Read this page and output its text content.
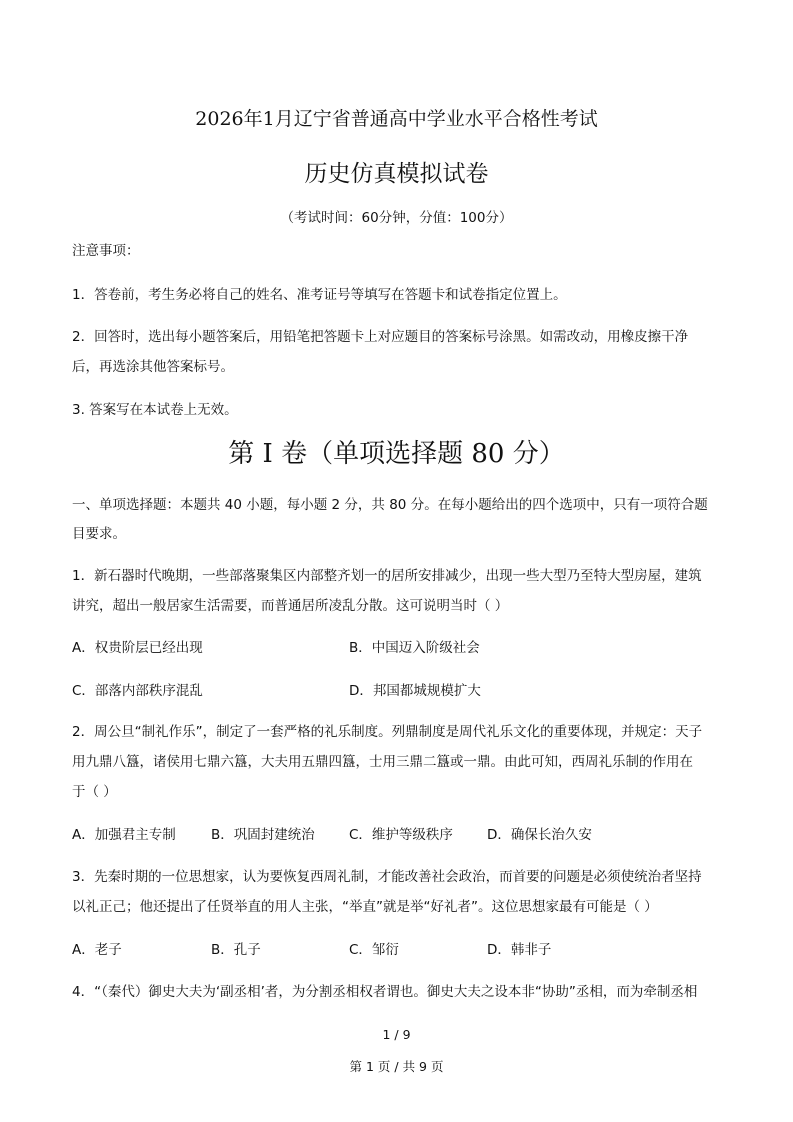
2026年1月辽宁省普通高中学业水平合格性考试
历史仿真模拟试卷
（考试时间：60分钟，分值：100分）
注意事项：
1．答卷前，考生务必将自己的姓名、准考证号等填写在答题卡和试卷指定位置上。
2．回答时，选出每小题答案后，用铅笔把答题卡上对应题目的答案标号涂黑。如需改动，用橡皮擦干净
后，再选涂其他答案标号。
3. 答案写在本试卷上无效。
第 I 卷（单项选择题 80 分）
一、单项选择题：本题共 40 小题，每小题 2 分，共 80 分。在每小题给出的四个选项中，只有一项符合题
目要求。
1．新石器时代晚期，一些部落聚集区内部整齐划一的居所安排减少，出现一些大型乃至特大型房屋，建筑
讲究，超出一般居家生活需要，而普通居所凌乱分散。这可说明当时（ ）
A．权贵阶层已经出现	B．中国迈入阶级社会
C．部落内部秩序混乱	D．邦国都城规模扩大
2．周公旦“制礼作乐”，制定了一套严格的礼乐制度。列鼎制度是周代礼乐文化的重要体现，并规定：天子
用九鼎八簋，诸侯用七鼎六簋，大夫用五鼎四簋，士用三鼎二簋或一鼎。由此可知，西周礼乐制的作用在
于（ ）
A．加强君主专制	B．巩固封建统治	C．维护等级秩序	D．确保长治久安
3．先秦时期的一位思想家，认为要恢复西周礼制，才能改善社会政治，而首要的问题是必须使统治者坚持
以礼正己；他还提出了任贤举直的用人主张，“举直”就是举“好礼者”。这位思想家最有可能是（ ）
A．老子	B．孔子	C．邹衍	D．韩非子
4．“（秦代）御史大夫为‘副丞相’者，为分割丞相权者谓也。御史大夫之设本非“协助”丞相，而为牵制丞相
1 / 9
第 1 页 / 共 9 页
